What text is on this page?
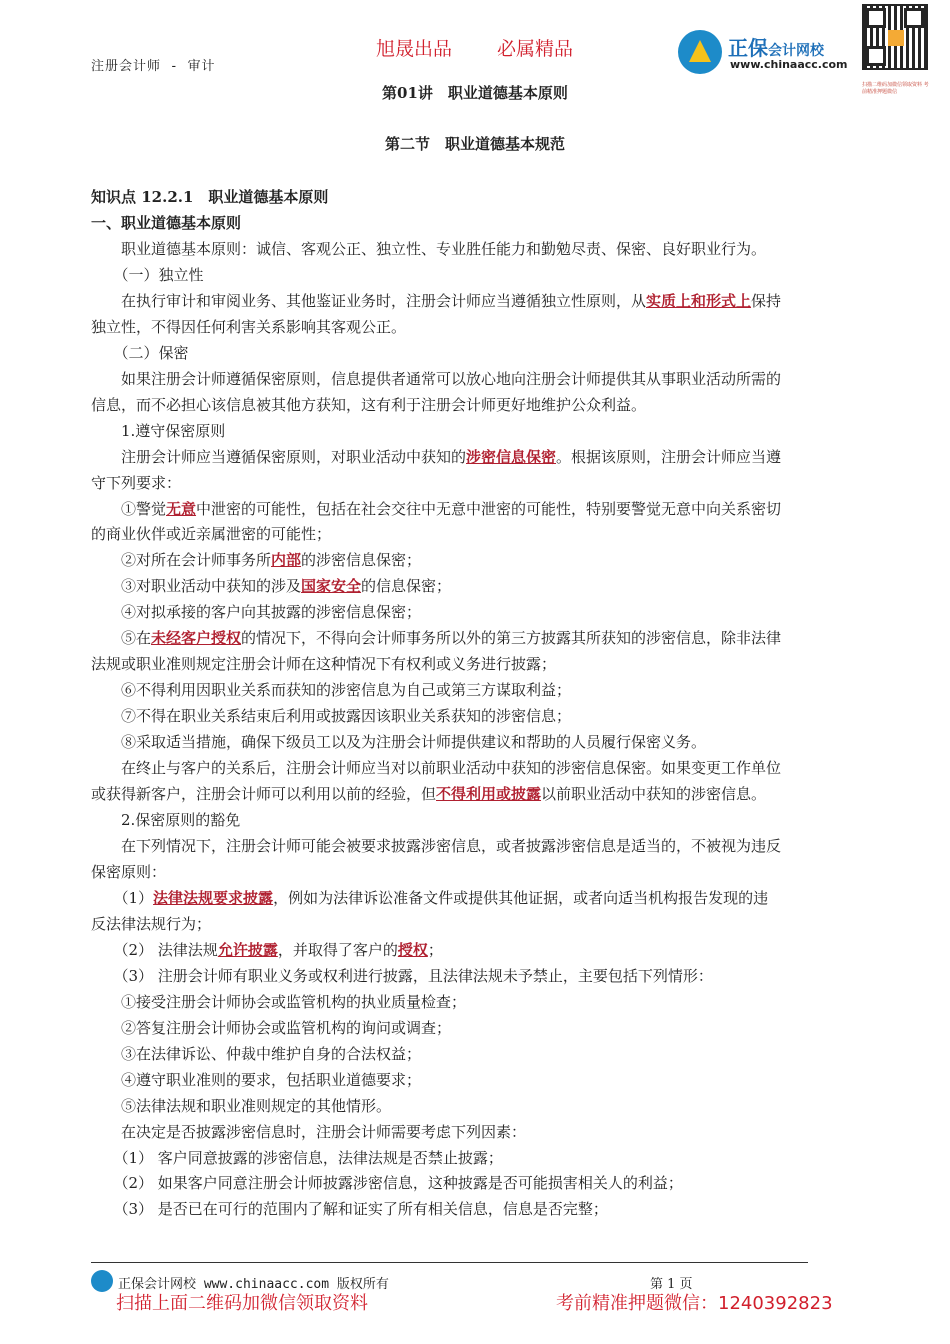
注册会计师 - 审计
旭晟出品 必属精品	正保会计网校
www.chinaacc.com
扫描二维码加微信领取资料 考前精准押题微信
第01讲　职业道德基本原则
第二节　职业道德基本规范
知识点 12.2.1　职业道德基本原则
一、职业道德基本原则
　　职业道德基本原则：诚信、客观公正、独立性、专业胜任能力和勤勉尽责、保密、良好职业行为。
　　（一）独立性
　　在执行审计和审阅业务、其他鉴证业务时，注册会计师应当遵循独立性原则，从实质上和形式上保持
独立性，不得因任何利害关系影响其客观公正。
　　（二）保密
　　如果注册会计师遵循保密原则，信息提供者通常可以放心地向注册会计师提供其从事职业活动所需的
信息，而不必担心该信息被其他方获知，这有利于注册会计师更好地维护公众利益。
　　1.遵守保密原则
　　注册会计师应当遵循保密原则，对职业活动中获知的涉密信息保密。根据该原则，注册会计师应当遵
守下列要求：
　　①警觉无意中泄密的可能性，包括在社会交往中无意中泄密的可能性，特别要警觉无意中向关系密切
的商业伙伴或近亲属泄密的可能性；
　　②对所在会计师事务所内部的涉密信息保密；
　　③对职业活动中获知的涉及国家安全的信息保密；
　　④对拟承接的客户向其披露的涉密信息保密；
　　⑤在未经客户授权的情况下，不得向会计师事务所以外的第三方披露其所获知的涉密信息，除非法律
法规或职业准则规定注册会计师在这种情况下有权利或义务进行披露；
　　⑥不得利用因职业关系而获知的涉密信息为自己或第三方谋取利益；
　　⑦不得在职业关系结束后利用或披露因该职业关系获知的涉密信息；
　　⑧采取适当措施，确保下级员工以及为注册会计师提供建议和帮助的人员履行保密义务。
　　在终止与客户的关系后，注册会计师应当对以前职业活动中获知的涉密信息保密。如果变更工作单位
或获得新客户，注册会计师可以利用以前的经验，但不得利用或披露以前职业活动中获知的涉密信息。
　　2.保密原则的豁免
　　在下列情况下，注册会计师可能会被要求披露涉密信息，或者披露涉密信息是适当的，不被视为违反
保密原则：
　　（1）法律法规要求披露，例如为法律诉讼准备文件或提供其他证据，或者向适当机构报告发现的违
反法律法规行为；
　　（2） 法律法规允许披露，并取得了客户的授权；
　　（3） 注册会计师有职业义务或权利进行披露，且法律法规未予禁止，主要包括下列情形：
　　①接受注册会计师协会或监管机构的执业质量检查；
　　②答复注册会计师协会或监管机构的询问或调查；
　　③在法律诉讼、仲裁中维护自身的合法权益；
　　④遵守职业准则的要求，包括职业道德要求；
　　⑤法律法规和职业准则规定的其他情形。
　　在决定是否披露涉密信息时，注册会计师需要考虑下列因素：
　　（1） 客户同意披露的涉密信息，法律法规是否禁止披露；
　　（2） 如果客户同意注册会计师披露涉密信息，这种披露是否可能损害相关人的利益；
　　（3） 是否已在可行的范围内了解和证实了所有相关信息，信息是否完整；
正保会计网校 www.chinaacc.com 版权所有	第 1 页
扫描上面二维码加微信领取资料	考前精准押题微信：1240392823
